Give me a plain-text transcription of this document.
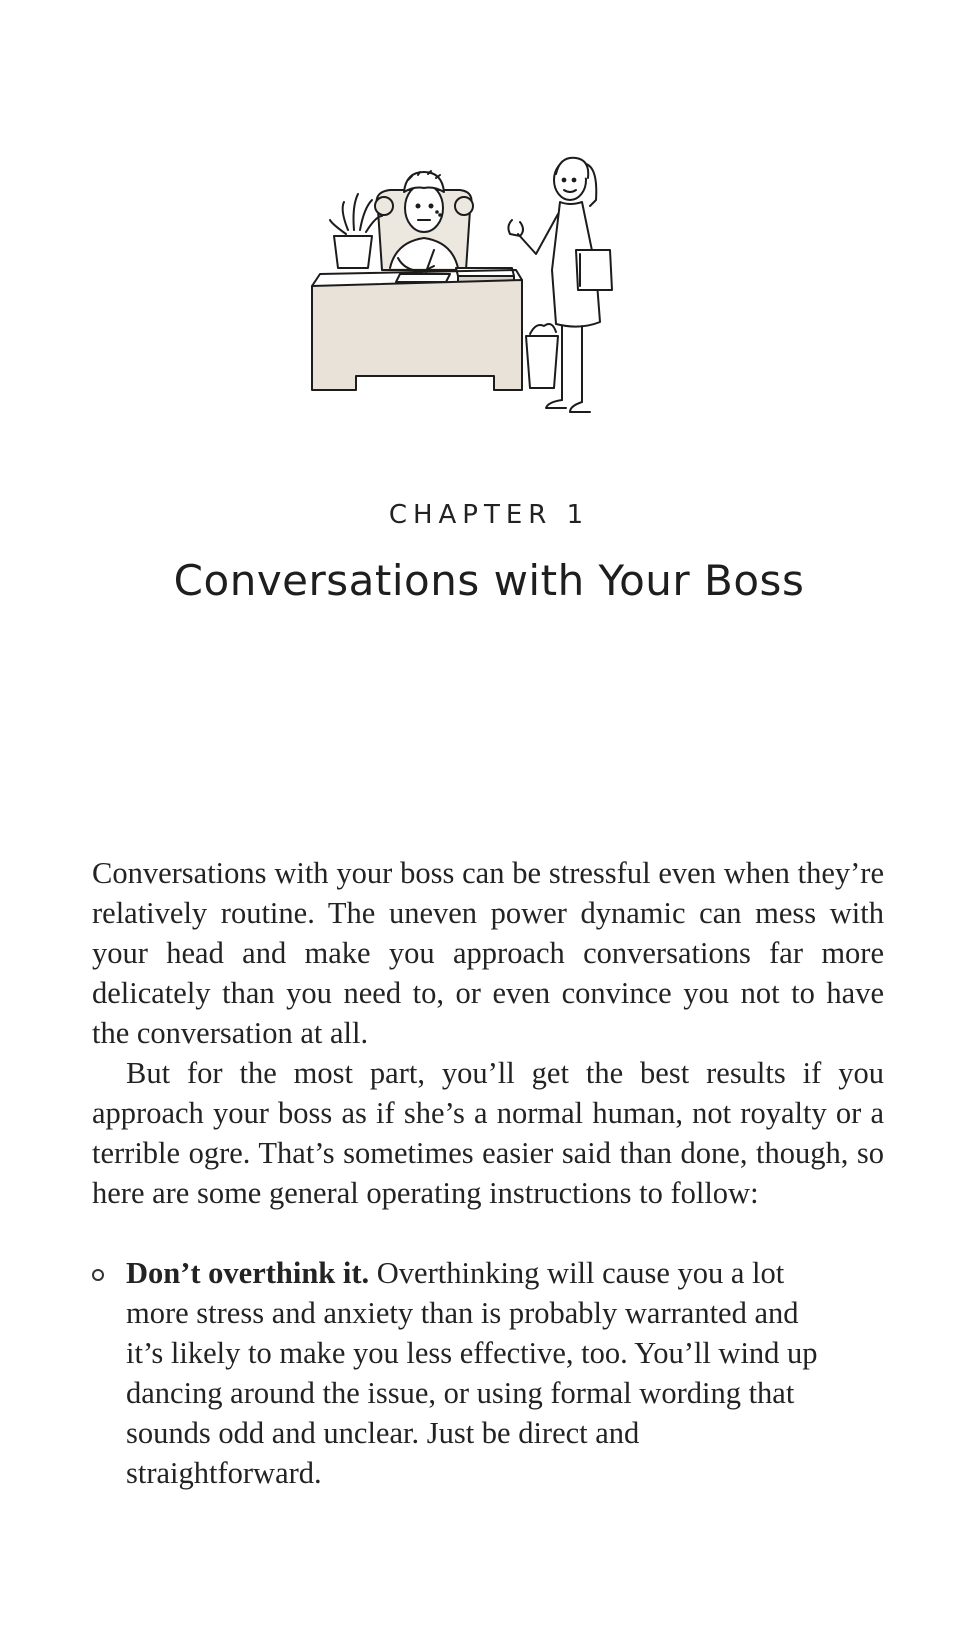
CHAPTER 1
Conversations with Your Boss

Conversations with your boss can be stressful even when they’re relatively routine. The uneven power dynamic can mess with your head and make you approach conversations far more delicately than you need to, or even convince you not to have the conversation at all.

But for the most part, you’ll get the best results if you approach your boss as if she’s a normal human, not royalty or a terrible ogre. That’s sometimes easier said than done, though, so here are some general operating instructions to follow:

Don’t overthink it. Overthinking will cause you a lot more stress and anxiety than is probably warranted and it’s likely to make you less effective, too. You’ll wind up dancing around the issue, or using formal wording that sounds odd and unclear. Just be direct and straightforward.
